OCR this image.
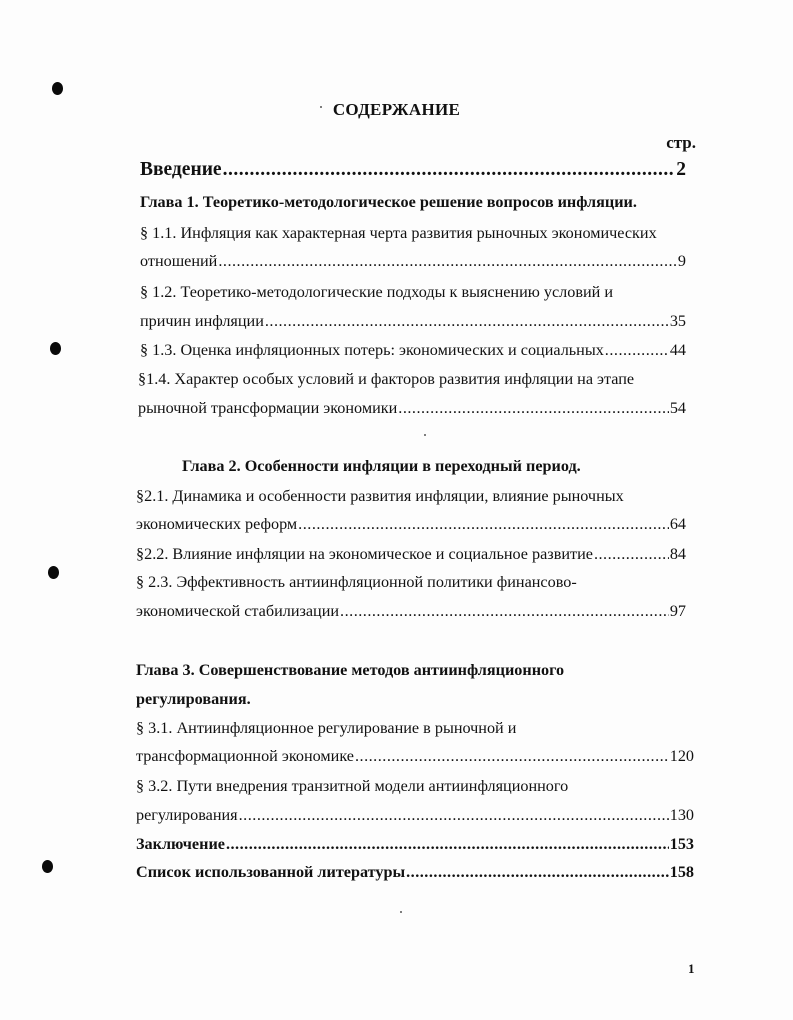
СОДЕРЖАНИЕ
стр.
Введение .....	2
Глава 1. Теоретико-методологическое решение вопросов инфляции.
§ 1.1. Инфляция как характерная черта развития рыночных экономических
отношений .....	9
§ 1.2. Теоретико-методологические подходы к выяснению условий и
причин инфляции .....	35
§ 1.3. Оценка инфляционных потерь: экономических и социальных .....	44
§1.4. Характер особых условий и факторов развития инфляции на этапе
рыночной трансформации экономики .....	54
Глава 2. Особенности инфляции в переходный период.
§2.1. Динамика и особенности развития инфляции, влияние рыночных
экономических реформ .....	64
§2.2. Влияние инфляции на экономическое и социальное развитие .....	84
§ 2.3. Эффективность антиинфляционной политики финансово-
экономической стабилизации .....	97
Глава 3. Совершенствование методов антиинфляционного
регулирования.
§ 3.1. Антиинфляционное регулирование в рыночной и
трансформационной экономике .....	120
§ 3.2. Пути внедрения транзитной модели антиинфляционного
регулирования .....	130
Заключение .....	153
Список использованной литературы .....	158
1
